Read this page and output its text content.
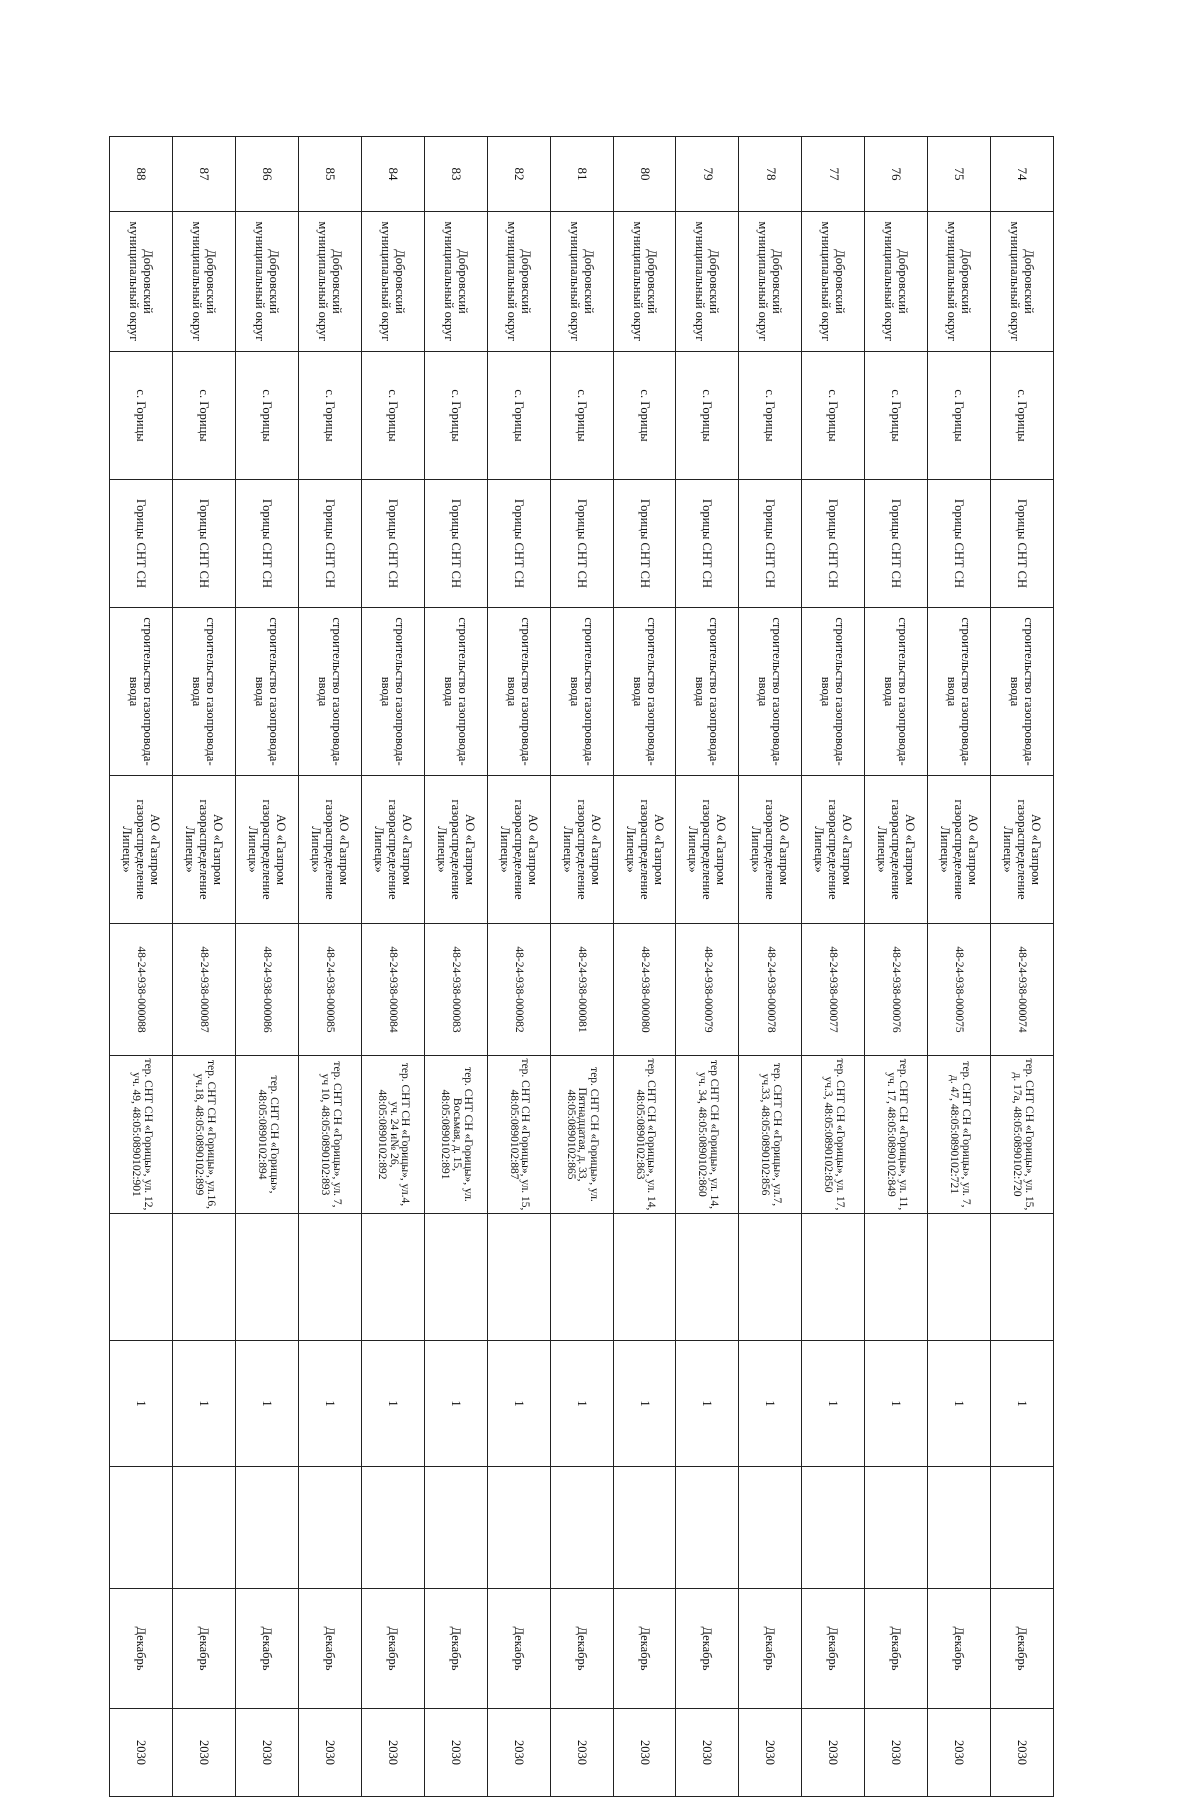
74	Добровский муниципальный округ	с. Горицы	Горицы СНТ СН	строительство газопровода-ввода	АО «Газпром газораспределение Липецк»	48-24-938-000074	тер. СНТ СН «Горицы», ул. 15, д. 17а, 48:05:0890102:720		1		Декабрь	2030
75	Добровский муниципальный округ	с. Горицы	Горицы СНТ СН	строительство газопровода-ввода	АО «Газпром газораспределение Липецк»	48-24-938-000075	тер. СНТ СН «Горицы», ул. 7, д. 47, 48:05:0890102:721		1		Декабрь	2030
76	Добровский муниципальный округ	с. Горицы	Горицы СНТ СН	строительство газопровода-ввода	АО «Газпром газораспределение Липецк»	48-24-938-000076	тер. СНТ СН «Горицы», ул. 11, уч. 17, 48:05:0890102:849		1		Декабрь	2030
77	Добровский муниципальный округ	с. Горицы	Горицы СНТ СН	строительство газопровода-ввода	АО «Газпром газораспределение Липецк»	48-24-938-000077	тер. СНТ СН «Горицы», ул. 17, уч.3, 48:05:0890102:850		1		Декабрь	2030
78	Добровский муниципальный округ	с. Горицы	Горицы СНТ СН	строительство газопровода-ввода	АО «Газпром газораспределение Липецк»	48-24-938-000078	тер. СНТ СН «Горицы», ул.7, уч.33, 48:05:0890102:856		1		Декабрь	2030
79	Добровский муниципальный округ	с. Горицы	Горицы СНТ СН	строительство газопровода-ввода	АО «Газпром газораспределение Липецк»	48-24-938-000079	тер СНТ СН «Горицы», ул. 14, уч. 34, 48:05:0890102:860		1		Декабрь	2030
80	Добровский муниципальный округ	с. Горицы	Горицы СНТ СН	строительство газопровода-ввода	АО «Газпром газораспределение Липецк»	48-24-938-000080	тер. СНТ СН «Горицы», ул. 14, 48:05:0890102:863		1		Декабрь	2030
81	Добровский муниципальный округ	с. Горицы	Горицы СНТ СН	строительство газопровода-ввода	АО «Газпром газораспределение Липецк»	48-24-938-000081	тер. СНТ СН «Горицы», ул. Пятнадцатая, д. 33, 48:05:0890102:865		1		Декабрь	2030
82	Добровский муниципальный округ	с. Горицы	Горицы СНТ СН	строительство газопровода-ввода	АО «Газпром газораспределение Липецк»	48-24-938-000082	тер. СНТ СН «Горицы», ул. 15, 48:05:0890102:887		1		Декабрь	2030
83	Добровский муниципальный округ	с. Горицы	Горицы СНТ СН	строительство газопровода-ввода	АО «Газпром газораспределение Липецк»	48-24-938-000083	тер. СНТ СН «Горицы», ул. Восьмая, д. 15, 48:05:0890102:891		1		Декабрь	2030
84	Добровский муниципальный округ	с. Горицы	Горицы СНТ СН	строительство газопровода-ввода	АО «Газпром газораспределение Липецк»	48-24-938-000084	тер. СНТ СН «Горицы», ул.4, уч. 24 и№ 26, 48:05:0890102:892		1		Декабрь	2030
85	Добровский муниципальный округ	с. Горицы	Горицы СНТ СН	строительство газопровода-ввода	АО «Газпром газораспределение Липецк»	48-24-938-000085	тер. СНТ СН «Горицы», ул. 7, уч 10, 48:05:0890102:893		1		Декабрь	2030
86	Добровский муниципальный округ	с. Горицы	Горицы СНТ СН	строительство газопровода-ввода	АО «Газпром газораспределение Липецк»	48-24-938-000086	тер. СНТ СН «Горицы», 48:05:0890102:894		1		Декабрь	2030
87	Добровский муниципальный округ	с. Горицы	Горицы СНТ СН	строительство газопровода-ввода	АО «Газпром газораспределение Липецк»	48-24-938-000087	тер. СНТ СН «Горицы», ул.16, уч.18, 48:05:0890102:899		1		Декабрь	2030
88	Добровский муниципальный округ	с. Горицы	Горицы СНТ СН	строительство газопровода-ввода	АО «Газпром газораспределение Липецк»	48-24-938-000088	тер. СНТ СН «Горицы», ул. 12, уч. 49, 48:05:0890102:901		1		Декабрь	2030
